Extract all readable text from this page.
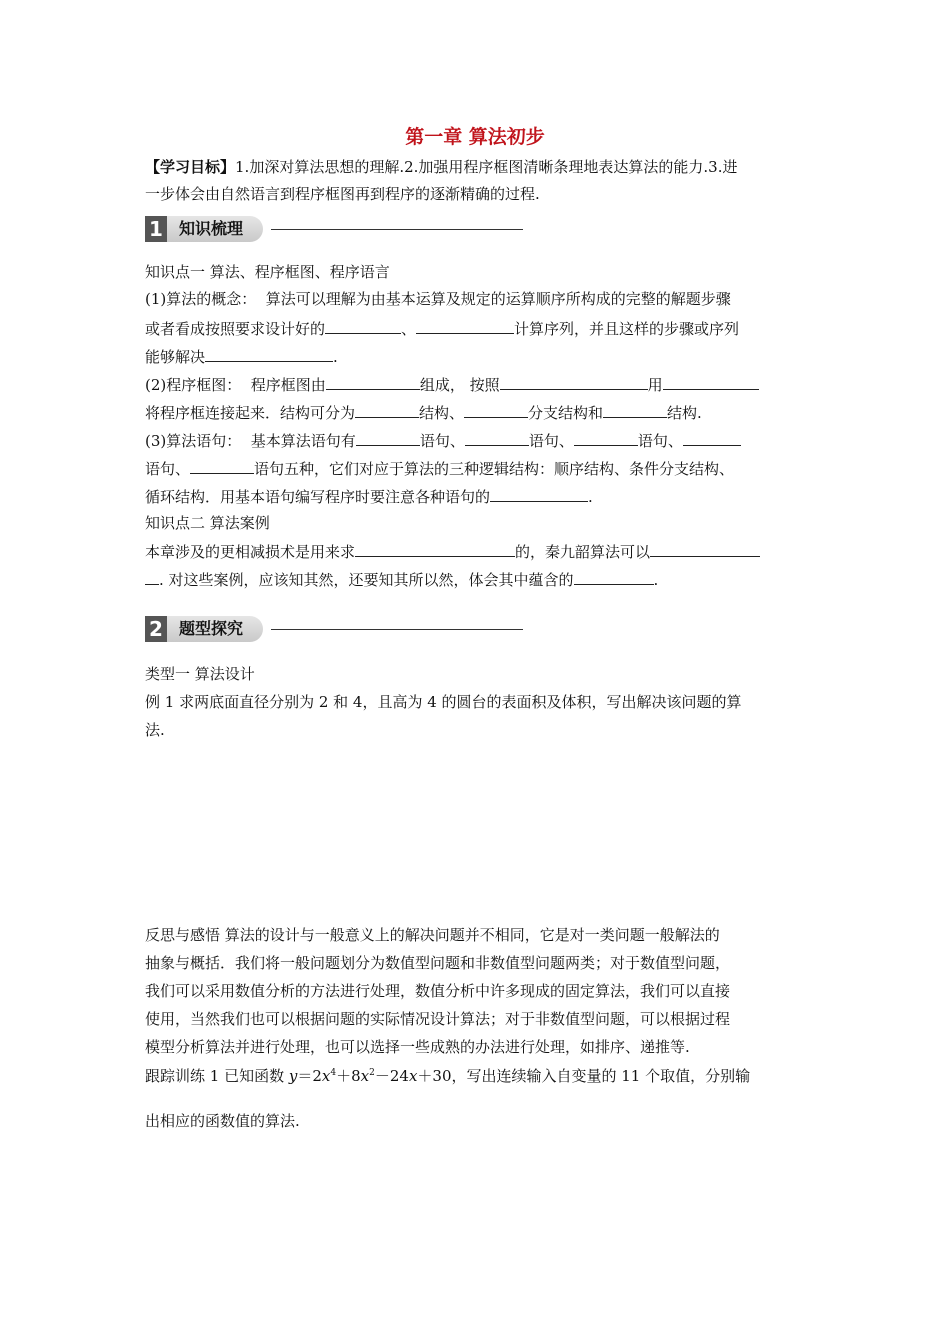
第一章 算法初步
【学习目标】1.加深对算法思想的理解.2.加强用程序框图清晰条理地表达算法的能力.3.进
一步体会由自然语言到程序框图再到程序的逐渐精确的过程.
1	知识梳理
知识点一 算法、程序框图、程序语言
(1)算法的概念： 算法可以理解为由基本运算及规定的运算顺序所构成的完整的解题步骤
或者看成按照要求设计好的	、	计算序列，并且这样的步骤或序列
能够解决	.
(2)程序框图： 程序框图由	组成， 按照	用
将程序框连接起来．结构可分为	结构、	分支结构和	结构.
(3)算法语句： 基本算法语句有	语句、	语句、	语句、
语句、	语句五种，它们对应于算法的三种逻辑结构：顺序结构、条件分支结构、
循环结构．用基本语句编写程序时要注意各种语句的	.
知识点二 算法案例
本章涉及的更相减损术是用来求	的，秦九韶算法可以
. 对这些案例，应该知其然，还要知其所以然，体会其中蕴含的	.
2	题型探究
类型一 算法设计
例 1 求两底面直径分别为 2 和 4，且高为 4 的圆台的表面积及体积，写出解决该问题的算
法.
反思与感悟 算法的设计与一般意义上的解决问题并不相同，它是对一类问题一般解法的
抽象与概括．我们将一般问题划分为数值型问题和非数值型问题两类；对于数值型问题，
我们可以采用数值分析的方法进行处理，数值分析中许多现成的固定算法，我们可以直接
使用，当然我们也可以根据问题的实际情况设计算法；对于非数值型问题，可以根据过程
模型分析算法并进行处理，也可以选择一些成熟的办法进行处理，如排序、递推等.
跟踪训练 1 已知函数 $y=2x^4+8x^2-24x+30$，写出连续输入自变量的 11 个取值，分别输
出相应的函数值的算法.
